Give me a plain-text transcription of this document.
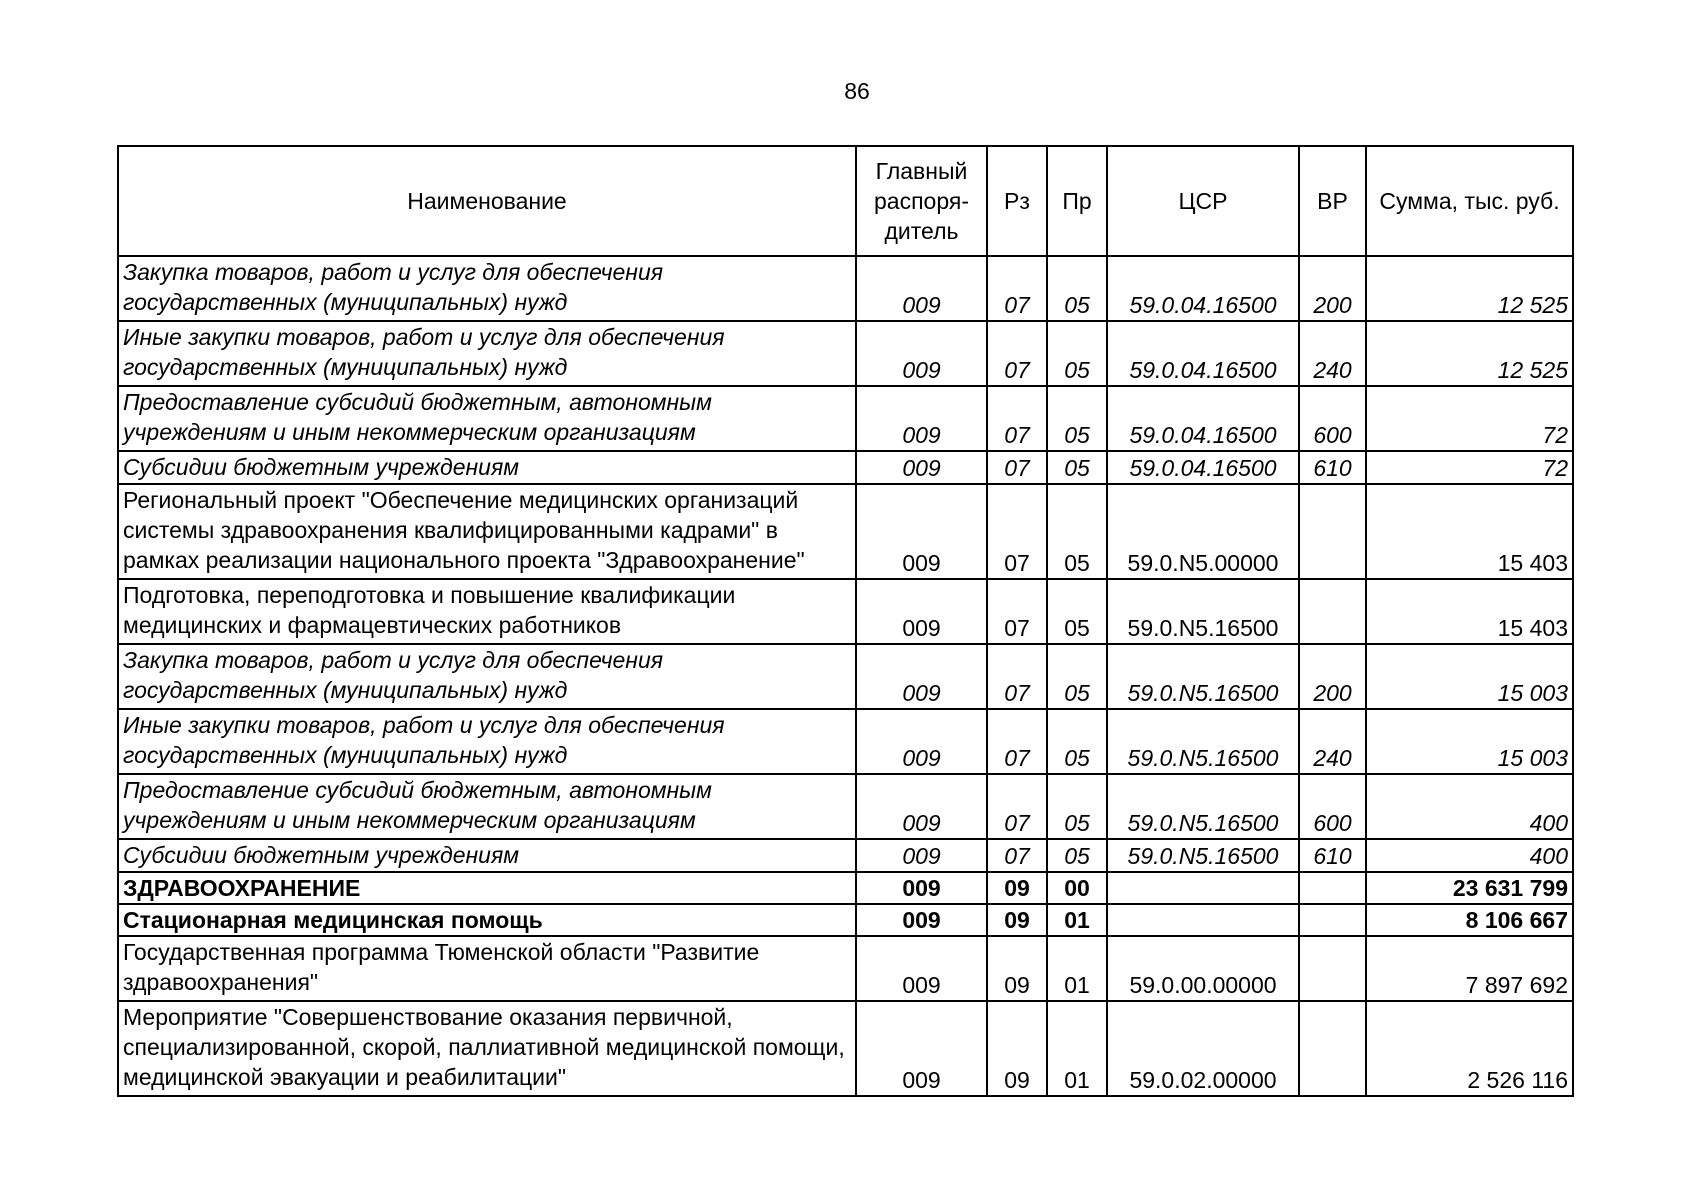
86
Наименование	Главный распоря-дитель	Рз	Пр	ЦСР	ВР	Сумма, тыс. руб.
Закупка товаров, работ и услуг для обеспечения государственных (муниципальных) нужд	009	07	05	59.0.04.16500	200	12 525
Иные закупки товаров, работ и услуг для обеспечения государственных (муниципальных) нужд	009	07	05	59.0.04.16500	240	12 525
Предоставление субсидий бюджетным, автономным учреждениям и иным некоммерческим организациям	009	07	05	59.0.04.16500	600	72
Субсидии бюджетным учреждениям	009	07	05	59.0.04.16500	610	72
Региональный проект "Обеспечение медицинских организаций системы здравоохранения квалифицированными кадрами" в рамках реализации национального проекта "Здравоохранение"	009	07	05	59.0.N5.00000		15 403
Подготовка, переподготовка и повышение квалификации медицинских и фармацевтических работников	009	07	05	59.0.N5.16500		15 403
Закупка товаров, работ и услуг для обеспечения государственных (муниципальных) нужд	009	07	05	59.0.N5.16500	200	15 003
Иные закупки товаров, работ и услуг для обеспечения государственных (муниципальных) нужд	009	07	05	59.0.N5.16500	240	15 003
Предоставление субсидий бюджетным, автономным учреждениям и иным некоммерческим организациям	009	07	05	59.0.N5.16500	600	400
Субсидии бюджетным учреждениям	009	07	05	59.0.N5.16500	610	400
ЗДРАВООХРАНЕНИЕ	009	09	00			23 631 799
Стационарная медицинская помощь	009	09	01			8 106 667
Государственная программа Тюменской области "Развитие здравоохранения"	009	09	01	59.0.00.00000		7 897 692
Мероприятие "Совершенствование оказания первичной, специализированной, скорой, паллиативной медицинской помощи, медицинской эвакуации и реабилитации"	009	09	01	59.0.02.00000		2 526 116
